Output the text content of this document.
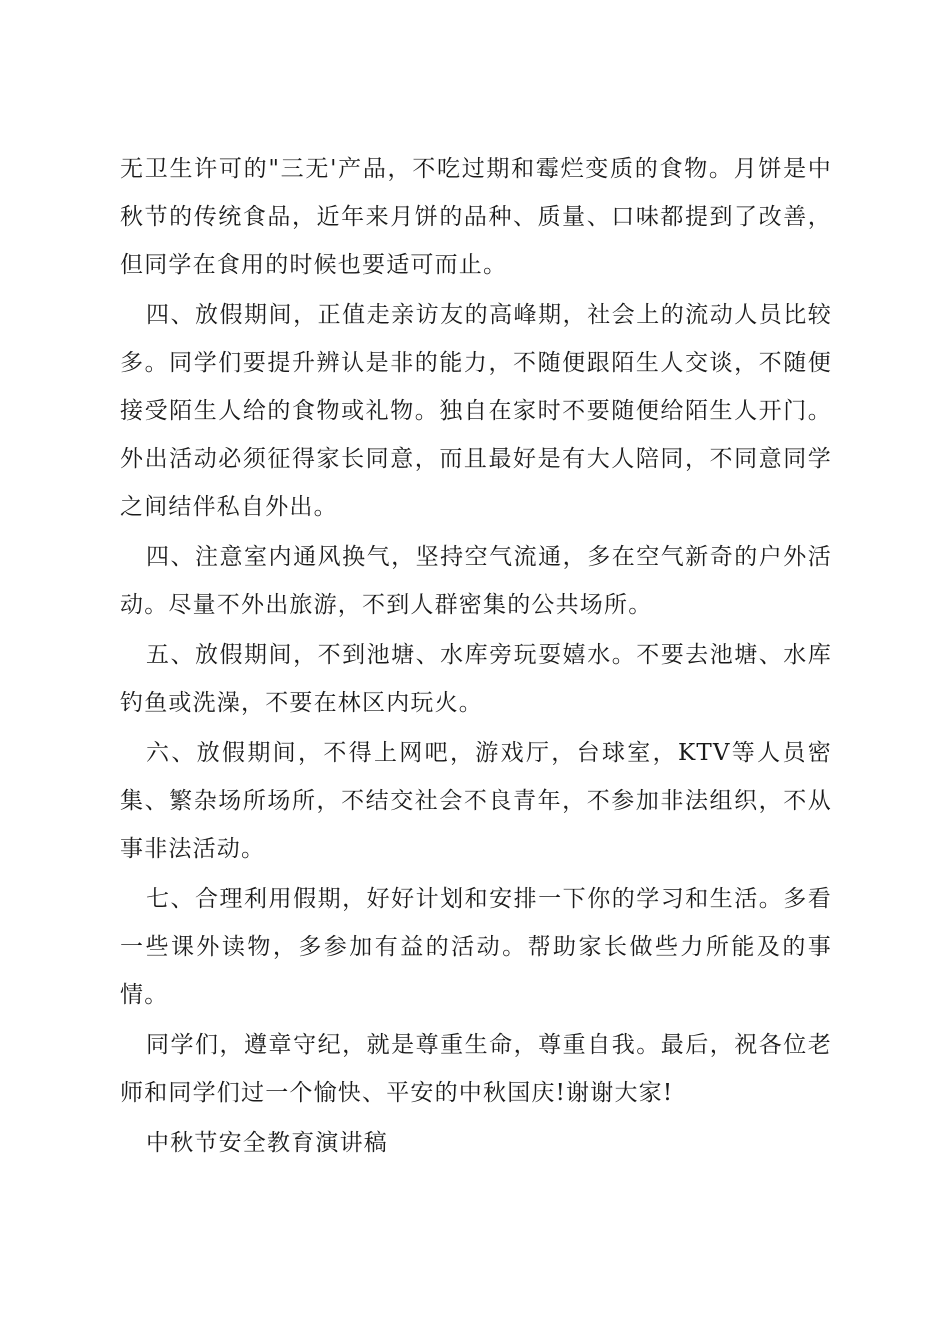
无卫生许可的"三无'产品，不吃过期和霉烂变质的食物。月饼是中秋节的传统食品，近年来月饼的品种、质量、口味都提到了改善，但同学在食用的时候也要适可而止。

四、放假期间，正值走亲访友的高峰期，社会上的流动人员比较多。同学们要提升辨认是非的能力，不随便跟陌生人交谈，不随便接受陌生人给的食物或礼物。独自在家时不要随便给陌生人开门。外出活动必须征得家长同意，而且最好是有大人陪同，不同意同学之间结伴私自外出。

四、注意室内通风换气，坚持空气流通，多在空气新奇的户外活动。尽量不外出旅游，不到人群密集的公共场所。

五、放假期间，不到池塘、水库旁玩耍嬉水。不要去池塘、水库钓鱼或洗澡，不要在林区内玩火。

六、放假期间，不得上网吧，游戏厅，台球室，KTV等人员密集、繁杂场所场所，不结交社会不良青年，不参加非法组织，不从事非法活动。

七、合理利用假期，好好计划和安排一下你的学习和生活。多看一些课外读物，多参加有益的活动。帮助家长做些力所能及的事情。

同学们，遵章守纪，就是尊重生命，尊重自我。最后，祝各位老师和同学们过一个愉快、平安的中秋国庆!谢谢大家!

中秋节安全教育演讲稿
